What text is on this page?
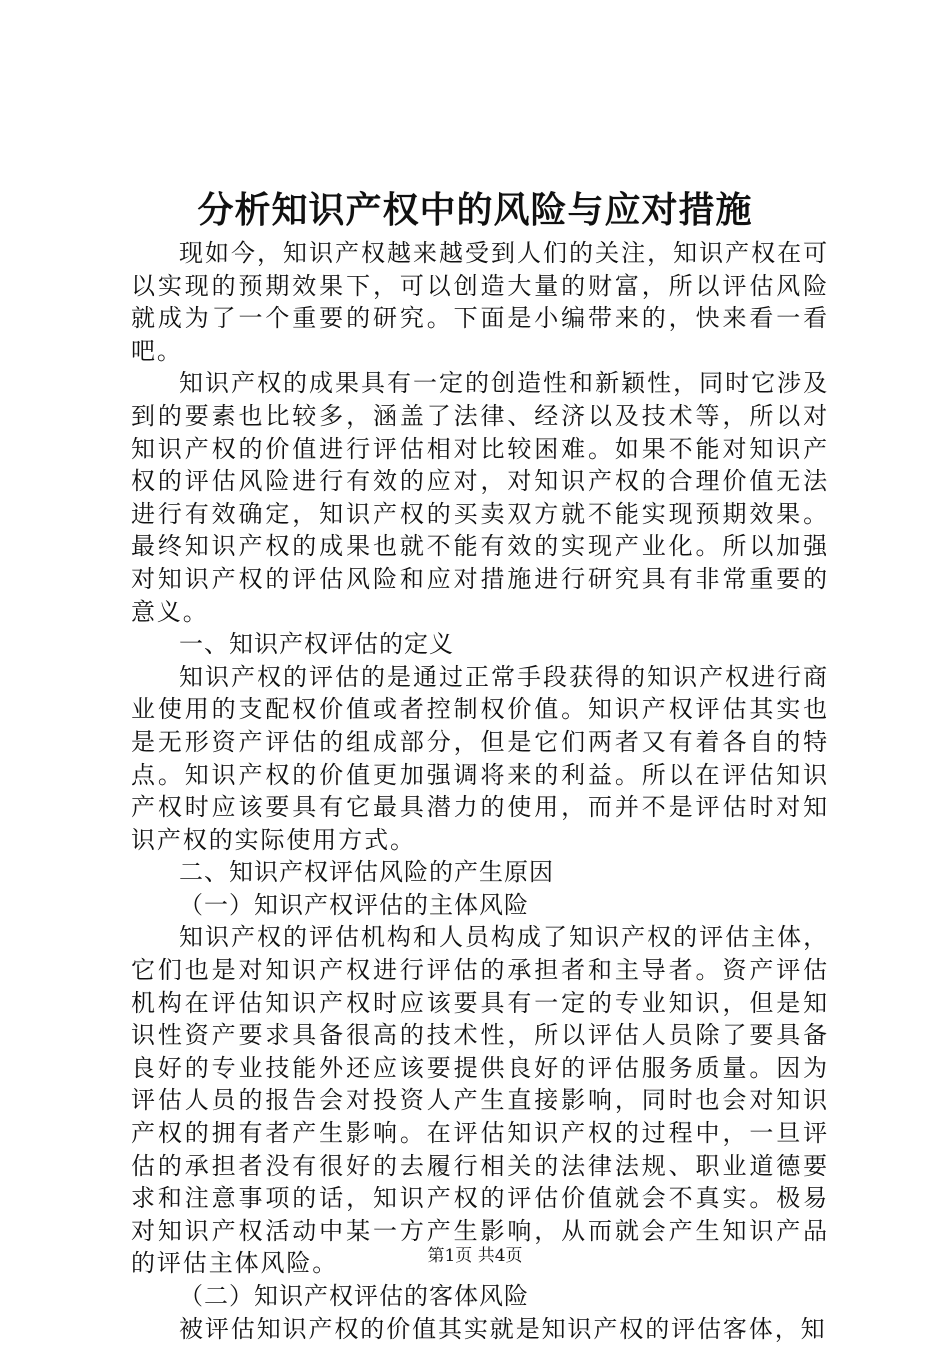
分析知识产权中的风险与应对措施

现如今，知识产权越来越受到人们的关注，知识产权在可以实现的预期效果下，可以创造大量的财富，所以评估风险就成为了一个重要的研究。下面是小编带来的，快来看一看吧。

知识产权的成果具有一定的创造性和新颖性，同时它涉及到的要素也比较多，涵盖了法律、经济以及技术等，所以对知识产权的价值进行评估相对比较困难。如果不能对知识产权的评估风险进行有效的应对，对知识产权的合理价值无法进行有效确定，知识产权的买卖双方就不能实现预期效果。最终知识产权的成果也就不能有效的实现产业化。所以加强对知识产权的评估风险和应对措施进行研究具有非常重要的意义。

一、知识产权评估的定义

知识产权的评估的是通过正常手段获得的知识产权进行商业使用的支配权价值或者控制权价值。知识产权评估其实也是无形资产评估的组成部分，但是它们两者又有着各自的特点。知识产权的价值更加强调将来的利益。所以在评估知识产权时应该要具有它最具潜力的使用，而并不是评估时对知识产权的实际使用方式。

二、知识产权评估风险的产生原因

（一）知识产权评估的主体风险

知识产权的评估机构和人员构成了知识产权的评估主体，它们也是对知识产权进行评估的承担者和主导者。资产评估机构在评估知识产权时应该要具有一定的专业知识，但是知识性资产要求具备很高的技术性，所以评估人员除了要具备良好的专业技能外还应该要提供良好的评估服务质量。因为评估人员的报告会对投资人产生直接影响，同时也会对知识产权的拥有者产生影响。在评估知识产权的过程中，一旦评估的承担者没有很好的去履行相关的法律法规、职业道德要求和注意事项的话，知识产权的评估价值就会不真实。极易对知识产权活动中某一方产生影响，从而就会产生知识产品的评估主体风险。

（二）知识产权评估的客体风险

被评估知识产权的价值其实就是知识产权的评估客体，知

第1页 共4页
